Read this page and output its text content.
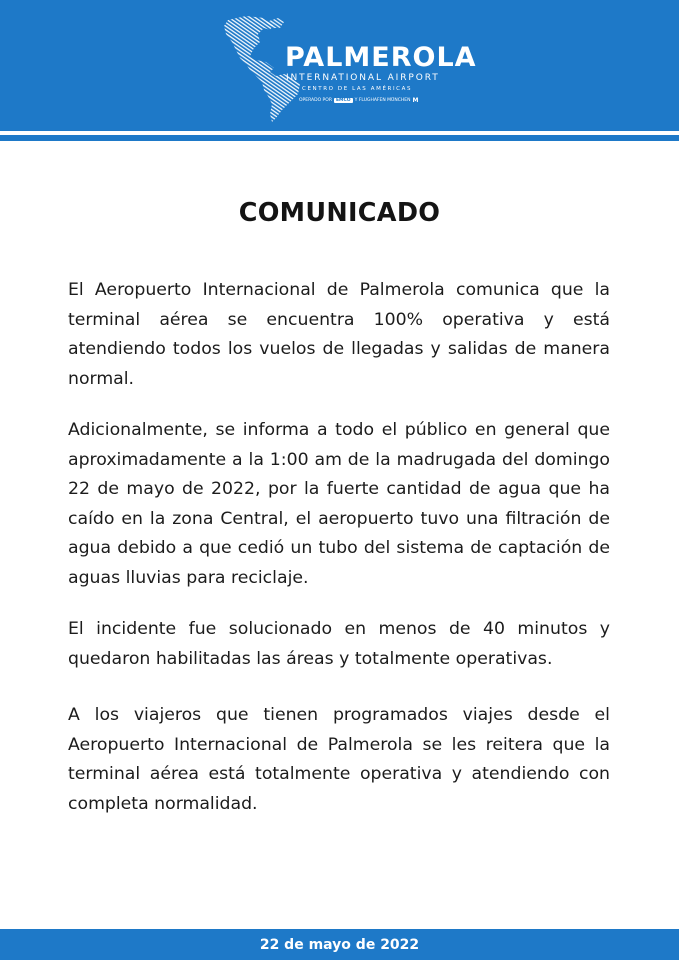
PALMEROLA
INTERNATIONAL AIRPORT
CENTRO DE LAS AMÉRICAS
OPERADO POR EMCO Y FLUGHAFEN MÜNCHEN M
COMUNICADO

El Aeropuerto Internacional de Palmerola comunica que la terminal aérea se encuentra 100% operativa y está atendiendo todos los vuelos de llegadas y salidas de manera normal.

Adicionalmente, se informa a todo el público en general que aproximadamente a la 1:00 am de la madrugada del domingo 22 de mayo de 2022, por la fuerte cantidad de agua que ha caído en la zona Central, el aeropuerto tuvo una filtración de agua debido a que cedió un tubo del sistema de captación de aguas lluvias para reciclaje.

El incidente fue solucionado en menos de 40 minutos y quedaron habilitadas las áreas y totalmente operativas.

A los viajeros que tienen programados viajes desde el Aeropuerto Internacional de Palmerola se les reitera que la terminal aérea está totalmente operativa y atendiendo con completa normalidad.

22 de mayo de 2022
